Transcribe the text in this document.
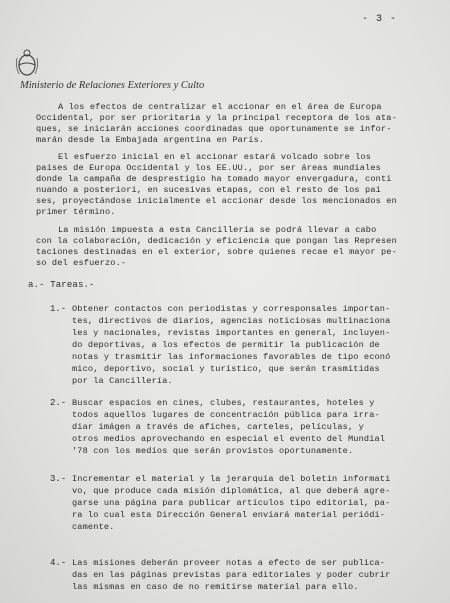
- 3 -
Ministerio de Relaciones Exteriores y Culto
A los efectos de centralizar el accionar en el área de Europa
Occidental, por ser prioritaria y la principal receptora de los ata-
ques, se iniciarán acciones coordinadas que oportunamente se infor-
marán desde la Embajada argentina en París.
El esfuerzo inicial en el accionar estará volcado sobre los
países de Europa Occidental y los EE.UU., por ser áreas mundiales
donde la campaña de desprestigio ha tomado mayor envergadura, conti
nuando a posteriori, en sucesivas etapas, con el resto de los paí
ses, proyectándose inicialmente el accionar desde los mencionados en
primer término.
La misión impuesta a esta Cancillería se podrá llevar a cabo
con la colaboración, dedicación y eficiencia que pongan las Represen
taciones destinadas en el exterior, sobre quienes recae el mayor pe-
so del esfuerzo.-
a.- Tareas.-
1.- Obtener contactos con periodistas y corresponsales importan-
tes, directivos de diarios, agencias noticiosas multinaciona
les y nacionales, revistas importantes en general, incluyen-
do deportivas, a los efectos de permitir la publicación de
notas y trasmitir las informaciones favorables de tipo econó
mico, deportivo, social y turístico, que serán trasmitidas
por la Cancillería.
2.- Buscar espacios en cines, clubes, restaurantes, hoteles y
todos aquellos lugares de concentración pública para irra-
diar imágen a través de afiches, carteles, películas, y
otros medios aprovechando en especial el evento del Mundial
'78 con los medios que serán provistos oportunamente.
3.- Incrementar el material y la jerarquía del boletín informati
vo, que produce cada misión diplomática, al que deberá agre-
garse una página para publicar artículos tipo editorial, pa-
ra lo cual esta Dirección General enviará material periódi-
camente.
4.- Las misiones deberán proveer notas a efecto de ser publica-
das en las páginas previstas para editoriales y poder cubrir
las mismas en caso de no remitirse material para ello.
